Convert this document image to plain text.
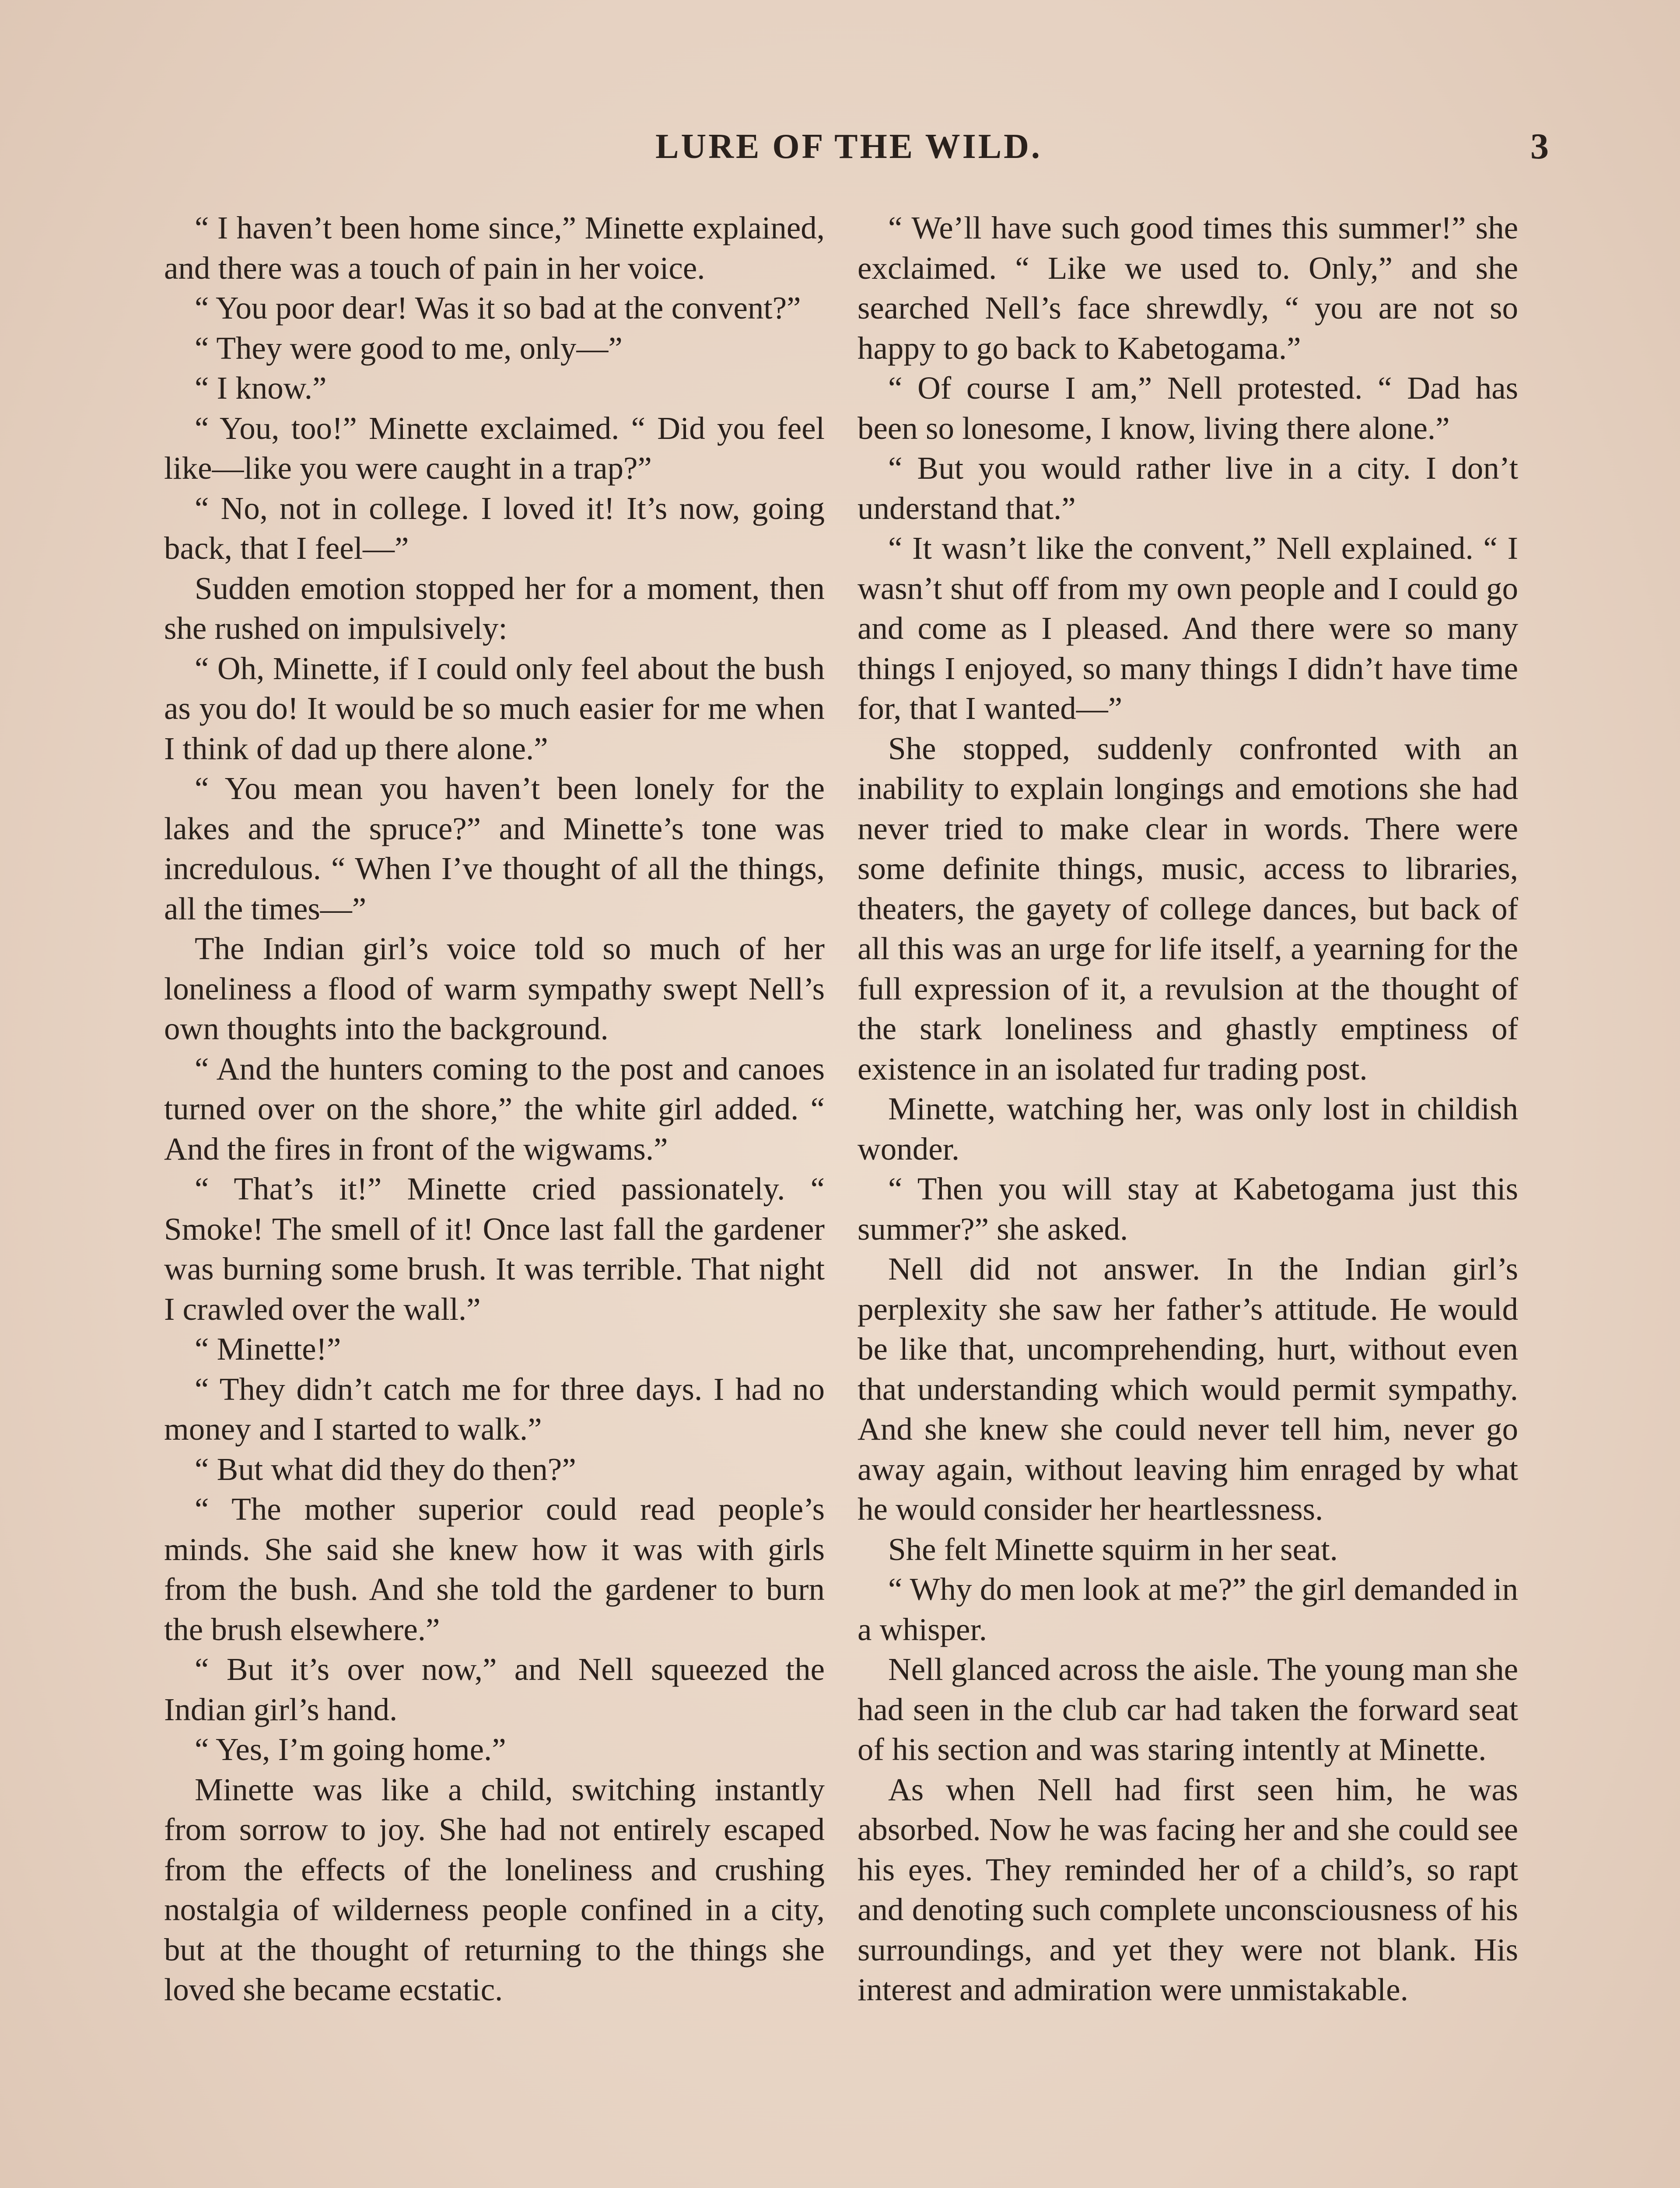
LURE OF THE WILD.	3

“ I haven’t been home since,” Minette explained, and there was a touch of pain in her voice.

“ You poor dear! Was it so bad at the convent?”

“ They were good to me, only—”

“ I know.”

“ You, too!” Minette exclaimed. “ Did you feel like—like you were caught in a trap?”

“ No, not in college. I loved it! It’s now, going back, that I feel—”

Sudden emotion stopped her for a moment, then she rushed on impulsively:

“ Oh, Minette, if I could only feel about the bush as you do! It would be so much easier for me when I think of dad up there alone.”

“ You mean you haven’t been lonely for the lakes and the spruce?” and Minette’s tone was incredulous. “ When I’ve thought of all the things, all the times—”

The Indian girl’s voice told so much of her loneliness a flood of warm sympathy swept Nell’s own thoughts into the background.

“ And the hunters coming to the post and canoes turned over on the shore,” the white girl added. “ And the fires in front of the wigwams.”

“ That’s it!” Minette cried passionately. “ Smoke! The smell of it! Once last fall the gardener was burning some brush. It was terrible. That night I crawled over the wall.”

“ Minette!”

“ They didn’t catch me for three days. I had no money and I started to walk.”

“ But what did they do then?”

“ The mother superior could read people’s minds. She said she knew how it was with girls from the bush. And she told the gardener to burn the brush elsewhere.”

“ But it’s over now,” and Nell squeezed the Indian girl’s hand.

“ Yes, I’m going home.”

Minette was like a child, switching instantly from sorrow to joy. She had not entirely escaped from the effects of the loneliness and crushing nostalgia of wilderness people confined in a city, but at the thought of returning to the things she loved she became ecstatic.

“ We’ll have such good times this summer!” she exclaimed. “ Like we used to. Only,” and she searched Nell’s face shrewdly, “ you are not so happy to go back to Kabetogama.”

“ Of course I am,” Nell protested. “ Dad has been so lonesome, I know, living there alone.”

“ But you would rather live in a city. I don’t understand that.”

“ It wasn’t like the convent,” Nell explained. “ I wasn’t shut off from my own people and I could go and come as I pleased. And there were so many things I enjoyed, so many things I didn’t have time for, that I wanted—”

She stopped, suddenly confronted with an inability to explain longings and emotions she had never tried to make clear in words. There were some definite things, music, access to libraries, theaters, the gayety of college dances, but back of all this was an urge for life itself, a yearning for the full expression of it, a revulsion at the thought of the stark loneliness and ghastly emptiness of existence in an isolated fur trading post.

Minette, watching her, was only lost in childish wonder.

“ Then you will stay at Kabetogama just this summer?” she asked.

Nell did not answer. In the Indian girl’s perplexity she saw her father’s attitude. He would be like that, uncomprehending, hurt, without even that understanding which would permit sympathy. And she knew she could never tell him, never go away again, without leaving him enraged by what he would consider her heartlessness.

She felt Minette squirm in her seat.

“ Why do men look at me?” the girl demanded in a whisper.

Nell glanced across the aisle. The young man she had seen in the club car had taken the forward seat of his section and was staring intently at Minette.

As when Nell had first seen him, he was absorbed. Now he was facing her and she could see his eyes. They reminded her of a child’s, so rapt and denoting such complete unconsciousness of his surroundings, and yet they were not blank. His interest and admiration were unmistakable.
